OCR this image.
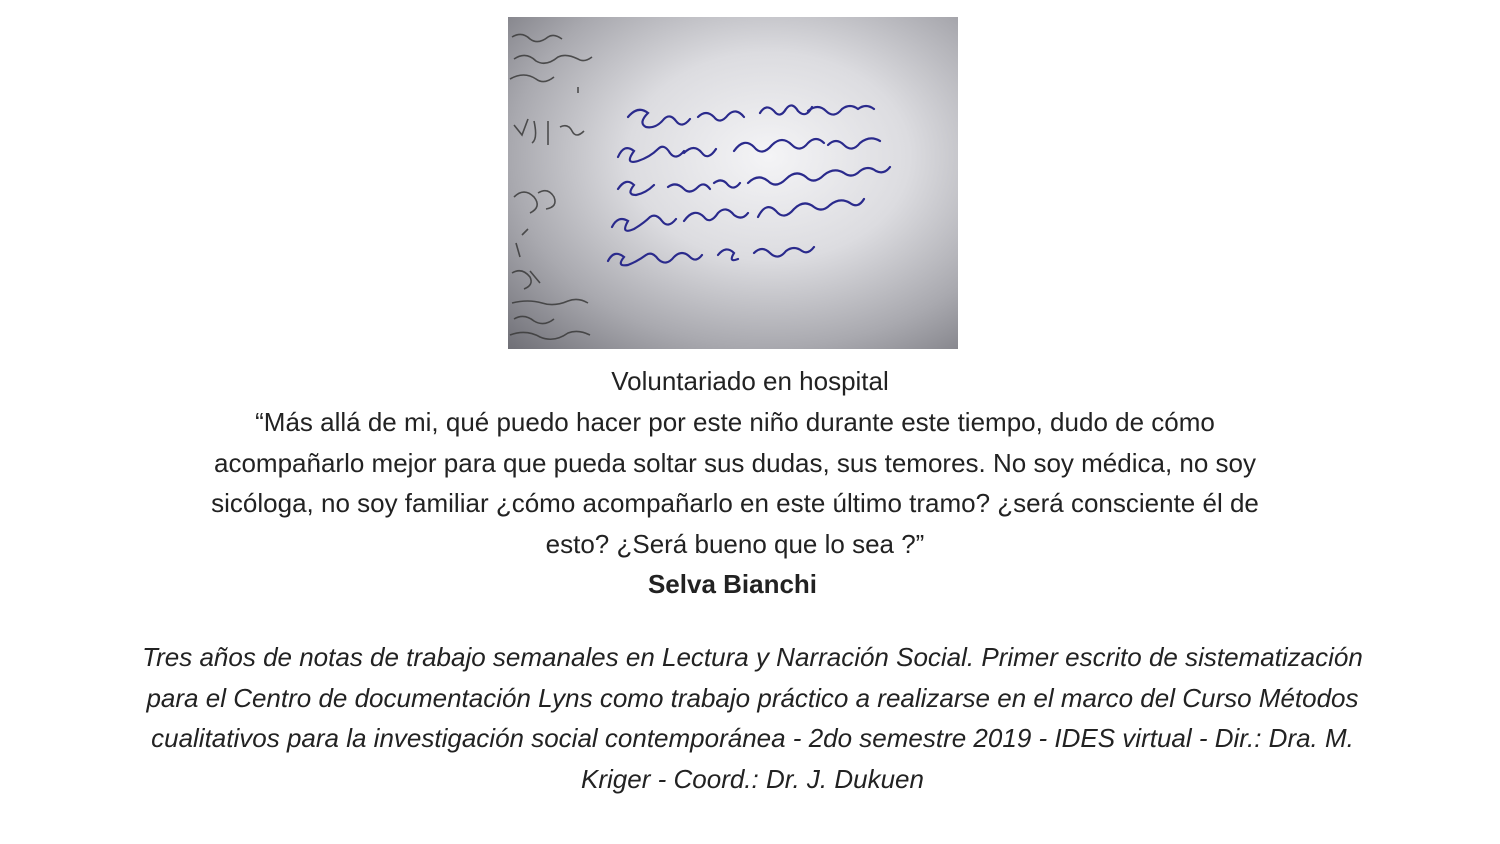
Voluntariado en hospital
“Más allá de mi, qué puedo hacer por este niño durante este tiempo, dudo de cómo acompañarlo mejor para que pueda soltar sus dudas, sus temores. No soy médica, no soy sicóloga, no soy familiar ¿cómo acompañarlo en este último tramo? ¿será consciente él de esto? ¿Será bueno que lo sea ?”
Selva Bianchi
Tres años de notas de trabajo semanales en Lectura y Narración Social. Primer escrito de sistematización para el Centro de documentación Lyns como trabajo práctico a realizarse en el marco del Curso Métodos cualitativos para la investigación social contemporánea - 2do semestre 2019 - IDES virtual - Dir.: Dra. M. Kriger - Coord.: Dr. J. Dukuen
